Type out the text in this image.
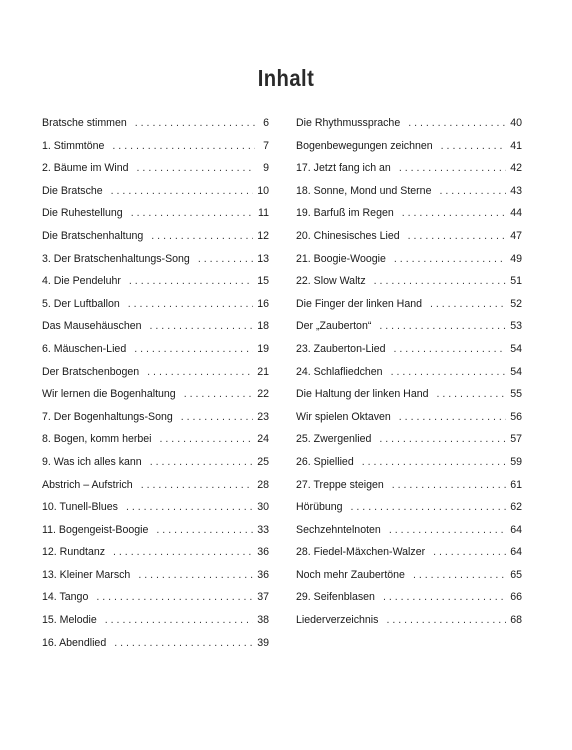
Inhalt
Bratsche stimmen . . .	6
1. Stimmtöne . . .	7
2. Bäume im Wind . . .	9
Die Bratsche . . .	10
Die Ruhestellung . . .	11
Die Bratschenhaltung . . .	12
3. Der Bratschenhaltungs-Song . . .	13
4. Die Pendeluhr . . .	15
5. Der Luftballon . . .	16
Das Mausehäuschen . . .	18
6. Mäuschen-Lied . . .	19
Der Bratschenbogen . . .	21
Wir lernen die Bogenhaltung . . .	22
7. Der Bogenhaltungs-Song . . .	23
8. Bogen, komm herbei . . .	24
9. Was ich alles kann . . .	25
Abstrich – Aufstrich . . .	28
10. Tunell-Blues . . .	30
11. Bogengeist-Boogie . . .	33
12. Rundtanz . . .	36
13. Kleiner Marsch . . .	36
14. Tango . . .	37
15. Melodie . . .	38
16. Abendlied . . .	39
Die Rhythmussprache . . .	40
Bogenbewegungen zeichnen . . .	41
17. Jetzt fang ich an . . .	42
18. Sonne, Mond und Sterne . . .	43
19. Barfuß im Regen . . .	44
20. Chinesisches Lied . . .	47
21. Boogie-Woogie . . .	49
22. Slow Waltz . . .	51
Die Finger der linken Hand . . .	52
Der „Zauberton“ . . .	53
23. Zauberton-Lied . . .	54
24. Schlafliedchen . . .	54
Die Haltung der linken Hand . . .	55
Wir spielen Oktaven . . .	56
25. Zwergenlied . . .	57
26. Spiellied . . .	59
27. Treppe steigen . . .	61
Hörübung . . .	62
Sechzehntelnoten . . .	64
28. Fiedel-Mäxchen-Walzer . . .	64
Noch mehr Zaubertöne . . .	65
29. Seifenblasen . . .	66
Liederverzeichnis . . .	68
